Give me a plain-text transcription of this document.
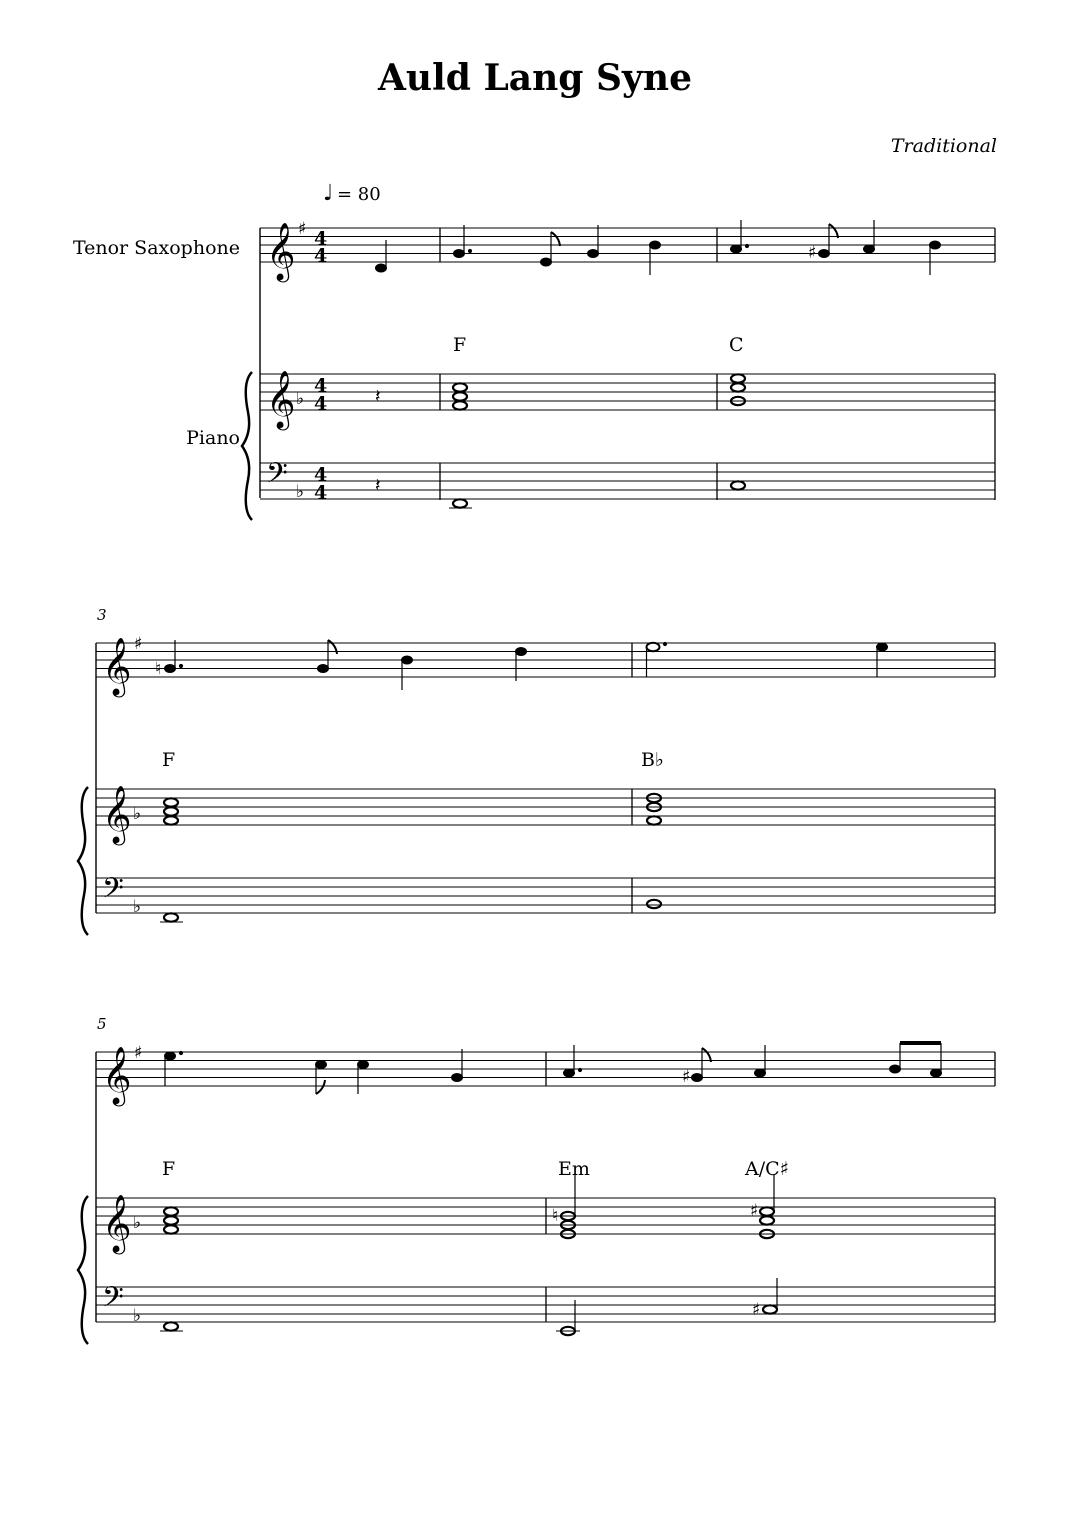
Auld Lang Syne
Traditional
♩ = 80
Tenor Saxophone
Piano
𝄞 ♯ 4
4	♯
F	C
𝄞 ♭
4
4	𝄽
𝄢 ♭
4
4	𝄽
3
𝄞 ♯
♮
F	B♭
𝄞 ♭
𝄢 ♭
5
𝄞 ♯
♯
F	Em	A/C♯
𝄞 ♭	♮	♯
𝄢 ♭	♯
